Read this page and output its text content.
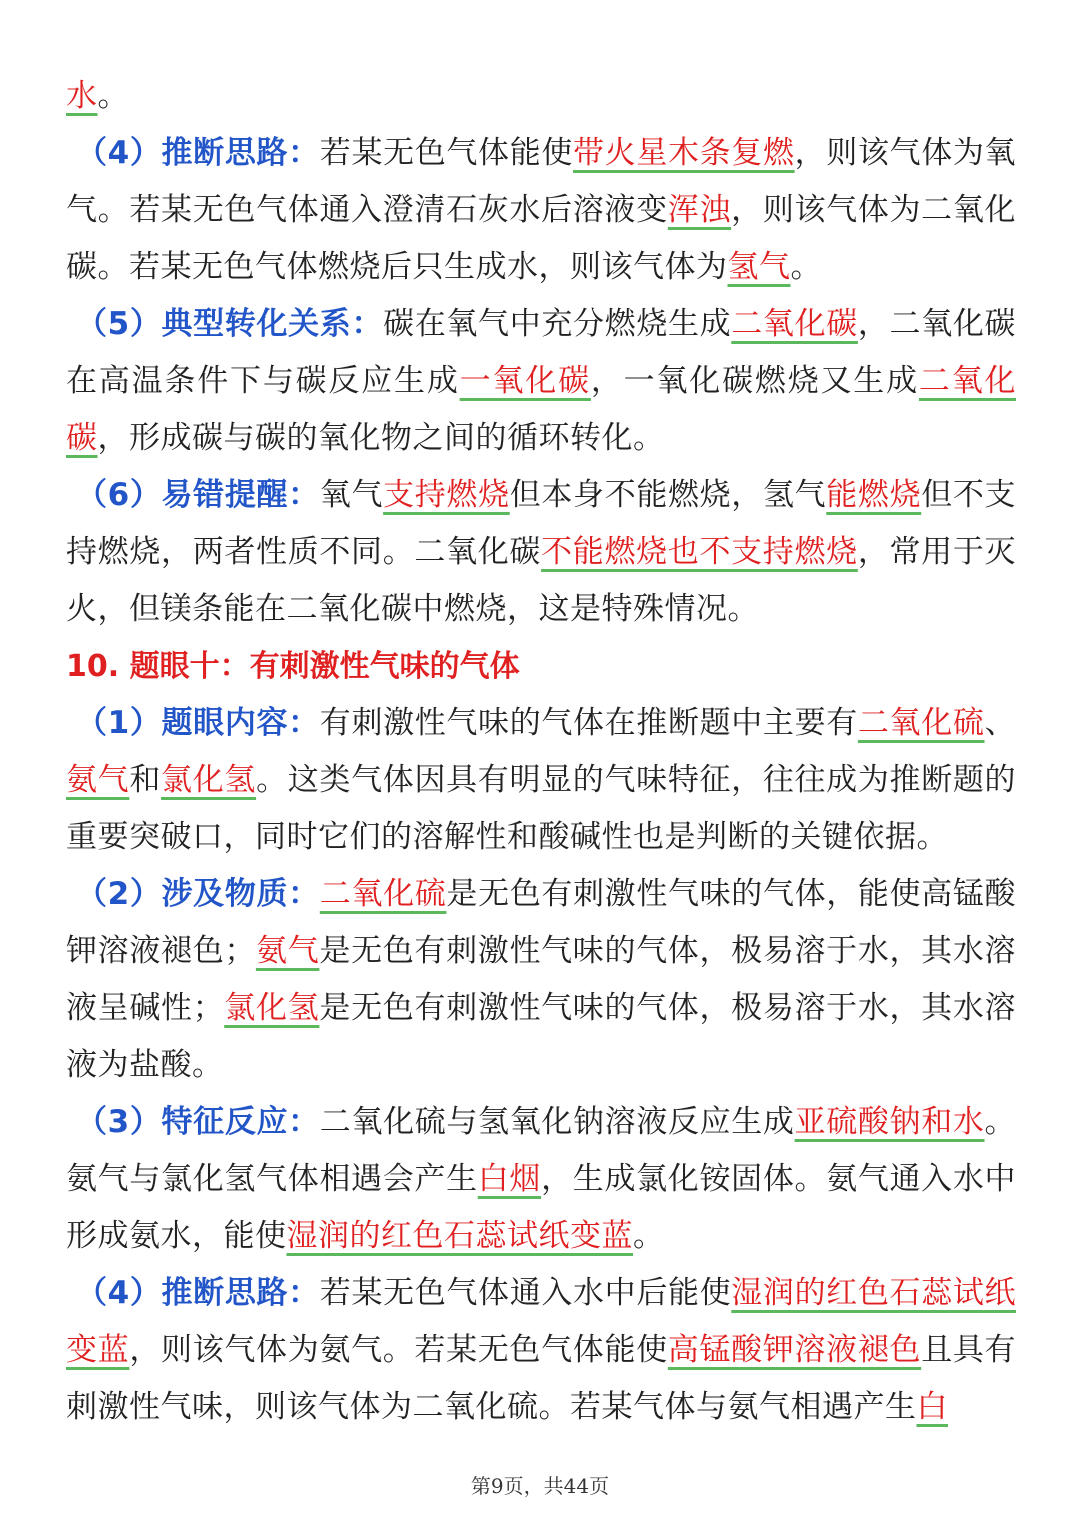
水。

（4）推断思路：若某无色气体能使带火星木条复燃，则该气体为氧气。若某无色气体通入澄清石灰水后溶液变浑浊，则该气体为二氧化碳。若某无色气体燃烧后只生成水，则该气体为氢气。

（5）典型转化关系：碳在氧气中充分燃烧生成二氧化碳，二氧化碳在高温条件下与碳反应生成一氧化碳，一氧化碳燃烧又生成二氧化碳，形成碳与碳的氧化物之间的循环转化。

（6）易错提醒：氧气支持燃烧但本身不能燃烧，氢气能燃烧但不支持燃烧，两者性质不同。二氧化碳不能燃烧也不支持燃烧，常用于灭火，但镁条能在二氧化碳中燃烧，这是特殊情况。

10. 题眼十：有刺激性气味的气体

（1）题眼内容：有刺激性气味的气体在推断题中主要有二氧化硫、氨气和氯化氢。这类气体因具有明显的气味特征，往往成为推断题的重要突破口，同时它们的溶解性和酸碱性也是判断的关键依据。

（2）涉及物质：二氧化硫是无色有刺激性气味的气体，能使高锰酸钾溶液褪色；氨气是无色有刺激性气味的气体，极易溶于水，其水溶液呈碱性；氯化氢是无色有刺激性气味的气体，极易溶于水，其水溶液为盐酸。

（3）特征反应：二氧化硫与氢氧化钠溶液反应生成亚硫酸钠和水。氨气与氯化氢气体相遇会产生白烟，生成氯化铵固体。氨气通入水中形成氨水，能使湿润的红色石蕊试纸变蓝。

（4）推断思路：若某无色气体通入水中后能使湿润的红色石蕊试纸变蓝，则该气体为氨气。若某无色气体能使高锰酸钾溶液褪色且具有刺激性气味，则该气体为二氧化硫。若某气体与氨气相遇产生白

第9页，共44页
